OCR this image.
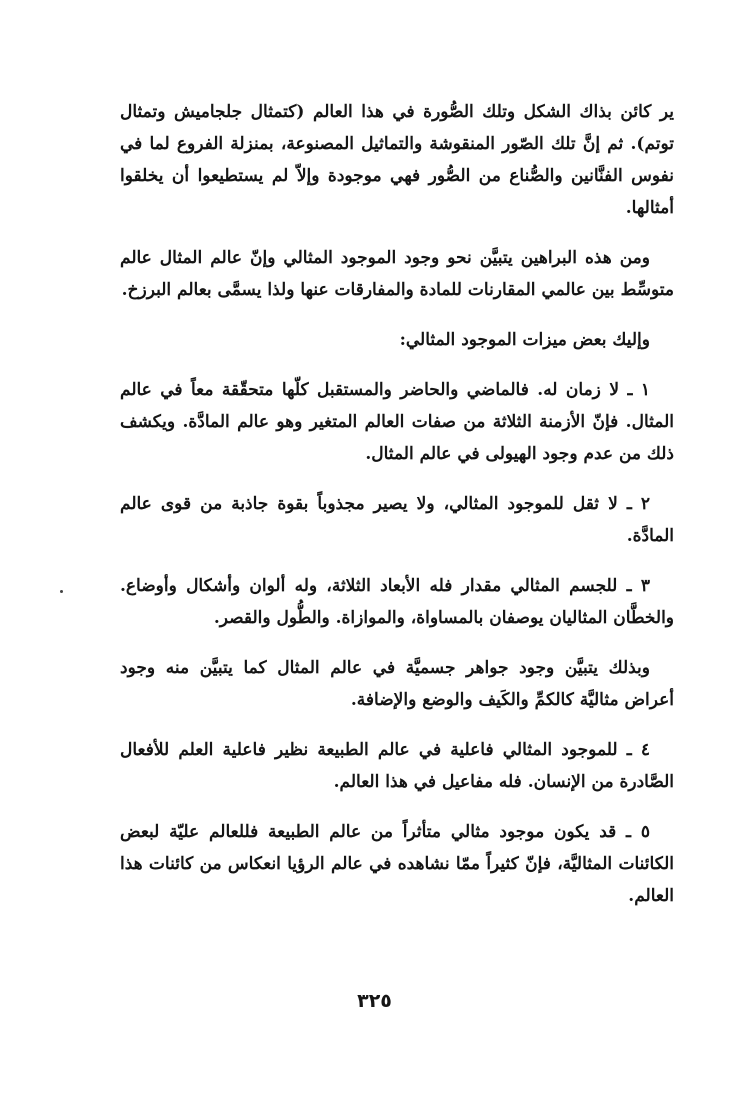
ير كائن بذاك الشكل وتلك الصُّورة في هذا العالم (كتمثال جلجاميش وتمثال توتم). ثم إنَّ تلك الصّور المنقوشة والتماثيل المصنوعة، بمنزلة الفروع لما في نفوس الفنَّانين والصُّناع من الصُّور فهي موجودة وإلاّ لم يستطيعوا أن يخلقوا أمثالها.

ومن هذه البراهين يتبيَّن نحو وجود الموجود المثالي وإنّ عالم المثال عالم متوسِّط بين عالمي المقارنات للمادة والمفارقات عنها ولذا يسمَّى بعالم البرزخ.

وإليك بعض ميزات الموجود المثالي:

١ ـ لا زمان له. فالماضي والحاضر والمستقبل كلّها متحقّقة معاً في عالم المثال. فإنّ الأزمنة الثلاثة من صفات العالم المتغير وهو عالم المادَّة. ويكشف ذلك من عدم وجود الهيولى في عالم المثال.

٢ ـ لا ثقل للموجود المثالي، ولا يصير مجذوباً بقوة جاذبة من قوى عالم المادَّة.

٣ ـ للجسم المثالي مقدار فله الأبعاد الثلاثة، وله ألوان وأشكال وأوضاع. والخطَّان المثاليان يوصفان بالمساواة، والموازاة. والطُّول والقصر.

وبذلك يتبيَّن وجود جواهر جسميَّة في عالم المثال كما يتبيَّن منه وجود أعراض مثاليَّة كالكمِّ والكَيف والوضع والإضافة.

٤ ـ للموجود المثالي فاعلية في عالم الطبيعة نظير فاعلية العلم للأفعال الصَّادرة من الإنسان. فله مفاعيل في هذا العالم.

٥ ـ قد يكون موجود مثالي متأثراً من عالم الطبيعة فللعالم عليّة لبعض الكائنات المثاليَّة، فإنّ كثيراً ممّا نشاهده في عالم الرؤيا انعكاس من كائنات هذا العالم.

٣٢٥
